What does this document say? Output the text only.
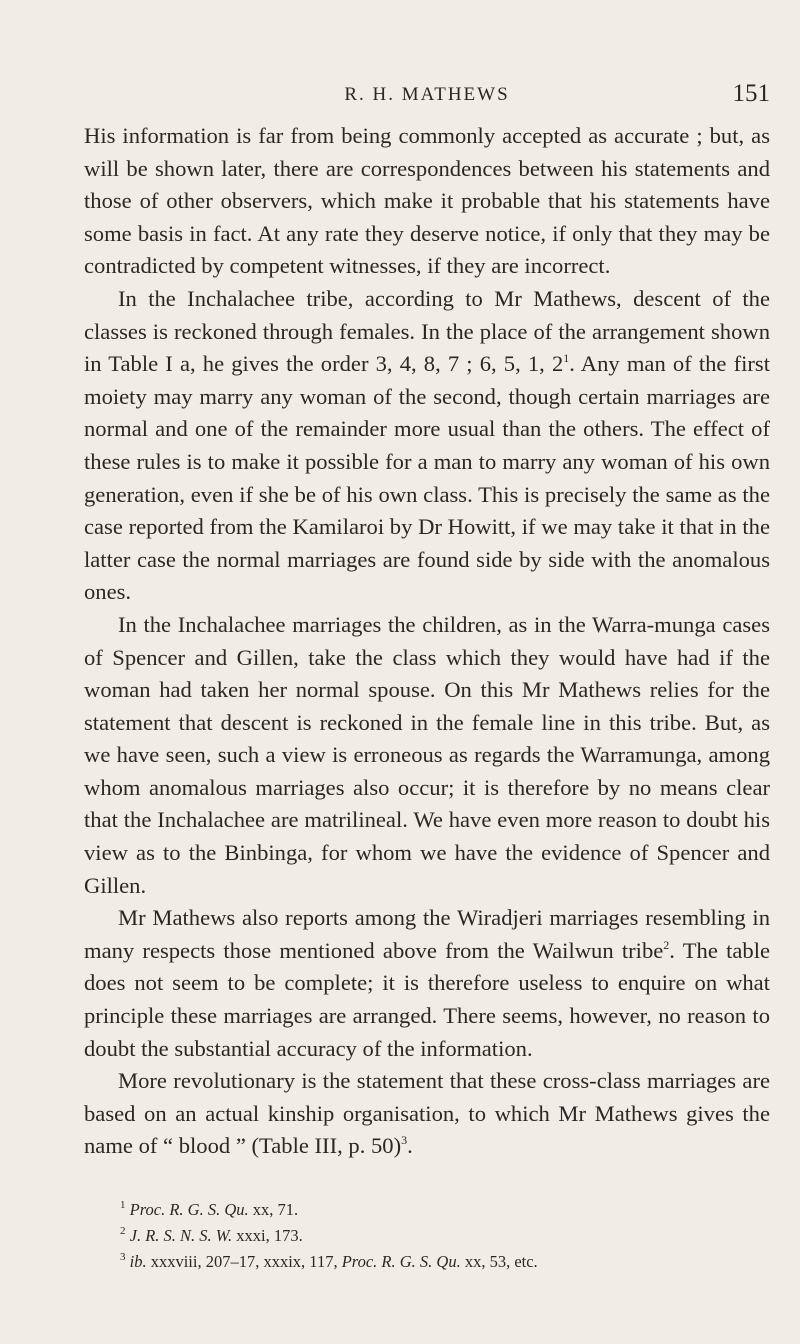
R. H. MATHEWS	151

His information is far from being commonly accepted as accurate ; but, as will be shown later, there are correspondences between his statements and those of other observers, which make it probable that his statements have some basis in fact. At any rate they deserve notice, if only that they may be contradicted by competent witnesses, if they are incorrect.

In the Inchalachee tribe, according to Mr Mathews, descent of the classes is reckoned through females. In the place of the arrangement shown in Table I a, he gives the order 3, 4, 8, 7 ; 6, 5, 1, $2^1$. Any man of the first moiety may marry any woman of the second, though certain marriages are normal and one of the remainder more usual than the others. The effect of these rules is to make it possible for a man to marry any woman of his own generation, even if she be of his own class. This is precisely the same as the case reported from the Kamilaroi by Dr Howitt, if we may take it that in the latter case the normal marriages are found side by side with the anomalous ones.

In the Inchalachee marriages the children, as in the Warra-munga cases of Spencer and Gillen, take the class which they would have had if the woman had taken her normal spouse. On this Mr Mathews relies for the statement that descent is reckoned in the female line in this tribe. But, as we have seen, such a view is erroneous as regards the Warramunga, among whom anomalous marriages also occur; it is therefore by no means clear that the Inchalachee are matrilineal. We have even more reason to doubt his view as to the Binbinga, for whom we have the evidence of Spencer and Gillen.

Mr Mathews also reports among the Wiradjeri marriages resembling in many respects those mentioned above from the Wailwun tribe$^2$. The table does not seem to be complete; it is therefore useless to enquire on what principle these marriages are arranged. There seems, however, no reason to doubt the substantial accuracy of the information.

More revolutionary is the statement that these cross-class marriages are based on an actual kinship organisation, to which Mr Mathews gives the name of “ blood ” (Table III, p. 50)$^3$.

$^1$ Proc. R. G. S. Qu. xx, 71.
$^2$ J. R. S. N. S. W. xxxi, 173.
$^3$ ib. xxxviii, 207–17, xxxix, 117, Proc. R. G. S. Qu. xx, 53, etc.
